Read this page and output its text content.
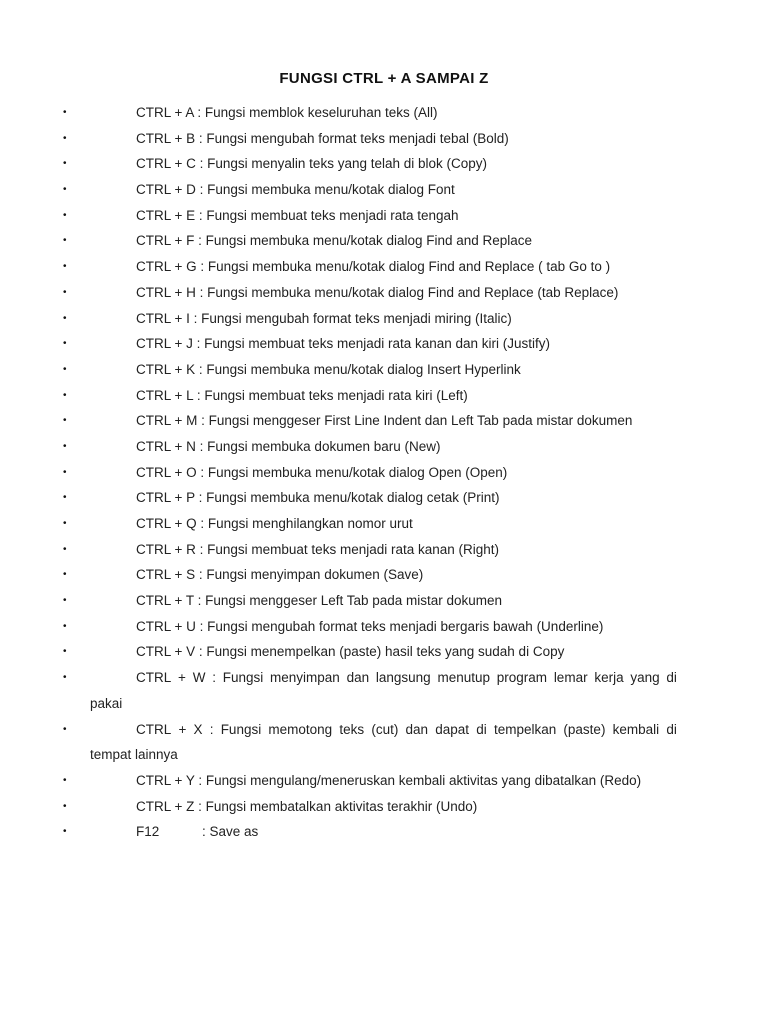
FUNGSI CTRL + A SAMPAI Z
•	CTRL + A : Fungsi memblok keseluruhan teks (All)
•	CTRL + B : Fungsi mengubah format teks menjadi tebal (Bold)
•	CTRL + C : Fungsi menyalin teks yang telah di blok (Copy)
•	CTRL + D : Fungsi membuka menu/kotak dialog Font
•	CTRL + E : Fungsi membuat teks menjadi rata tengah
•	CTRL + F : Fungsi membuka menu/kotak dialog Find and Replace
•	CTRL + G : Fungsi membuka menu/kotak dialog Find and Replace ( tab Go to )
•	CTRL + H : Fungsi membuka menu/kotak dialog Find and Replace (tab Replace)
•	CTRL + I : Fungsi mengubah format teks menjadi miring (Italic)
•	CTRL + J : Fungsi membuat teks menjadi rata kanan dan kiri (Justify)
•	CTRL + K : Fungsi membuka menu/kotak dialog Insert Hyperlink
•	CTRL + L : Fungsi membuat teks menjadi rata kiri (Left)
•	CTRL + M : Fungsi menggeser First Line Indent dan Left Tab pada mistar dokumen
•	CTRL + N : Fungsi membuka dokumen baru (New)
•	CTRL + O : Fungsi membuka menu/kotak dialog Open (Open)
•	CTRL + P : Fungsi membuka menu/kotak dialog cetak (Print)
•	CTRL + Q : Fungsi menghilangkan nomor urut
•	CTRL + R : Fungsi membuat teks menjadi rata kanan (Right)
•	CTRL + S : Fungsi menyimpan dokumen (Save)
•	CTRL + T : Fungsi menggeser Left Tab pada mistar dokumen
•	CTRL + U : Fungsi mengubah format teks menjadi bergaris bawah (Underline)
•	CTRL + V : Fungsi menempelkan (paste) hasil teks yang sudah di Copy
•	CTRL + W : Fungsi menyimpan dan langsung menutup program lemar kerja yang di
pakai
•	CTRL + X : Fungsi memotong teks (cut) dan dapat di tempelkan (paste) kembali di
tempat lainnya
•	CTRL + Y : Fungsi mengulang/meneruskan kembali aktivitas yang dibatalkan (Redo)
•	CTRL + Z : Fungsi membatalkan aktivitas terakhir (Undo)
•	F12	: Save as
